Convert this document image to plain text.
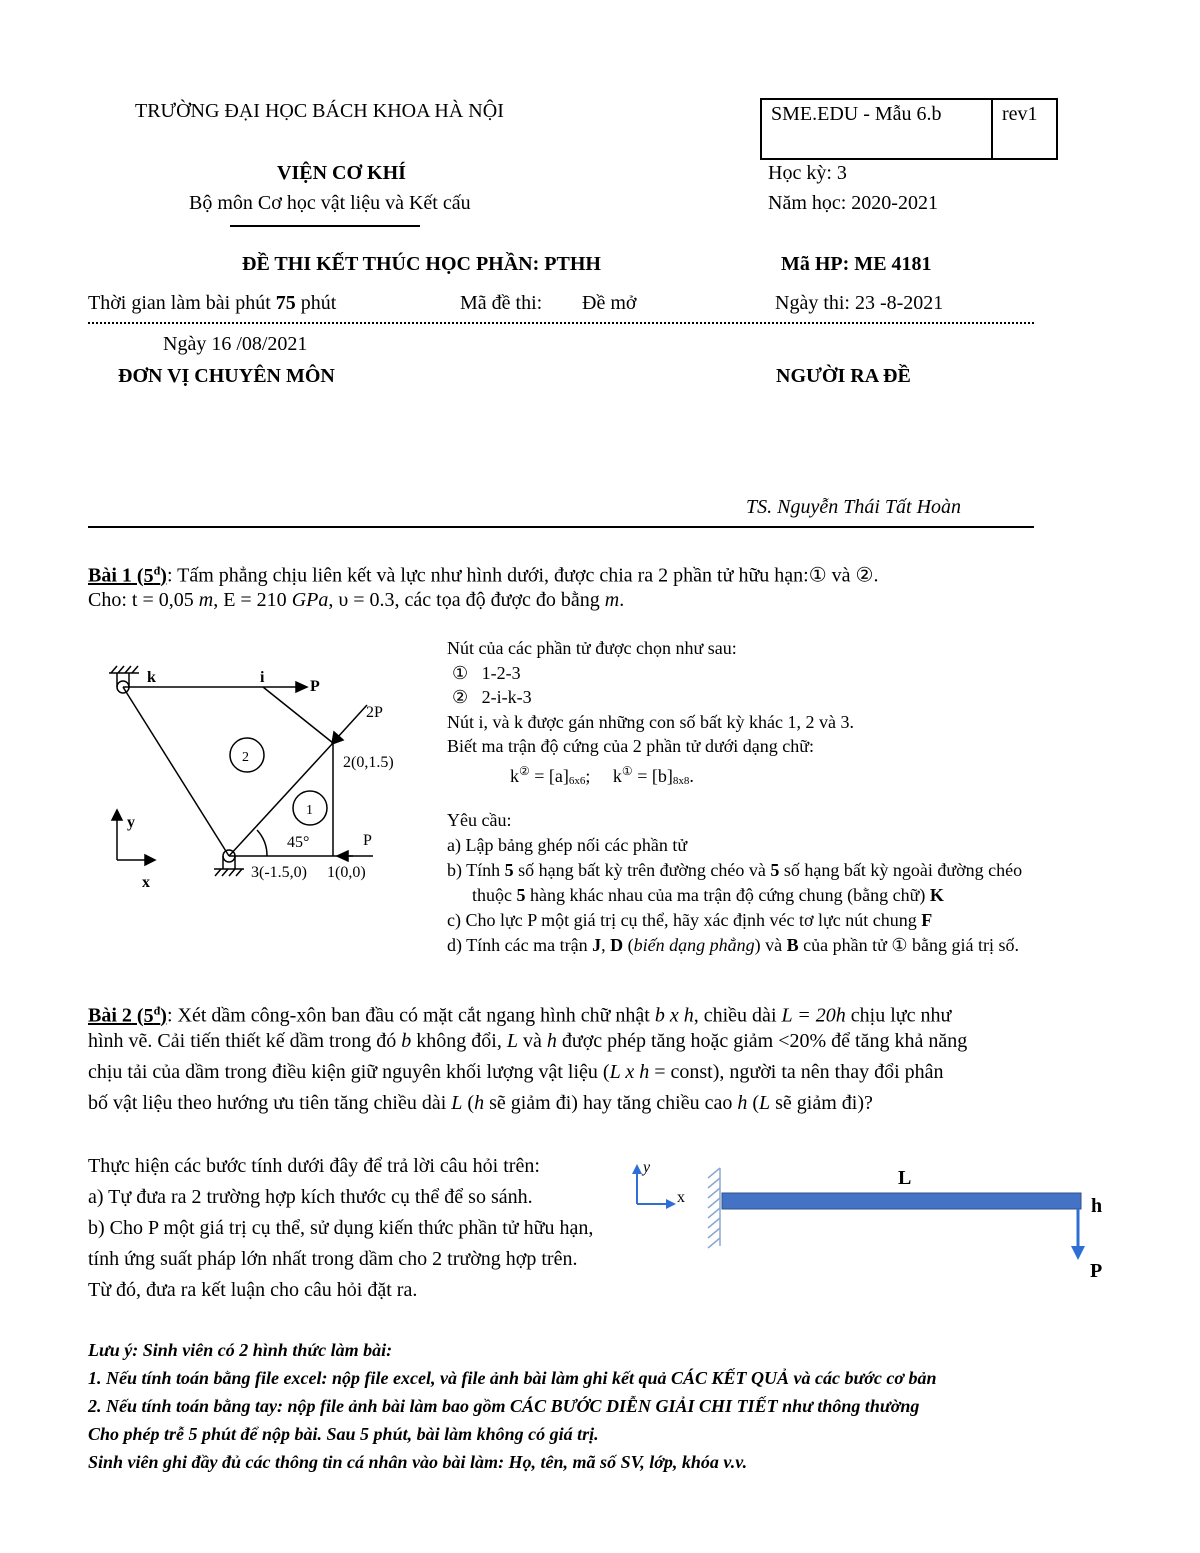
TRƯỜNG ĐẠI HỌC BÁCH KHOA HÀ NỘI	SME.EDU - Mẫu 6.b	rev1
VIỆN CƠ KHÍ
Bộ môn Cơ học vật liệu và Kết cấu
Học kỳ: 3
Năm học: 2020-2021
ĐỀ THI KẾT THÚC HỌC PHẦN: PTHH	Mã HP: ME 4181
Thời gian làm bài phút 75 phút	Mã đề thi: Đề mở	Ngày thi: 23 -8-2021
Ngày 16 /08/2021
ĐƠN VỊ CHUYÊN MÔN	NGƯỜI RA ĐỀ
TS. Nguyễn Thái Tất Hoàn
Bài 1 $(5^đ)$: Tấm phẳng chịu liên kết và lực như hình dưới, được chia ra 2 phần tử hữu hạn:① và ②.
Cho: t = 0,05 m, E = 210 GPa, υ = 0.3, các tọa độ được đo bằng m.
k	i
P
2P
2(0,1.5)
2
1
45°	P
3(-1.5,0) 1(0,0)
y
x
Nút của các phần tử được chọn như sau:
① 1-2-3
② 2-i-k-3
Nút i, và k được gán những con số bất kỳ khác 1, 2 và 3.
Biết ma trận độ cứng của 2 phần tử dưới dạng chữ:
k② = [a]6x6;     k① = [b]8x8.
Yêu cầu:
a) Lập bảng ghép nối các phần tử
b) Tính 5 số hạng bất kỳ trên đường chéo và 5 số hạng bất kỳ ngoài đường chéo
thuộc 5 hàng khác nhau của ma trận độ cứng chung (bằng chữ) K
c) Cho lực P một giá trị cụ thể, hãy xác định véc tơ lực nút chung F
d) Tính các ma trận J, D (biến dạng phẳng) và B của phần tử ① bằng giá trị số.
Bài 2 $(5^đ)$: Xét dầm công-xôn ban đầu có mặt cắt ngang hình chữ nhật b x h, chiều dài L = 20h chịu lực như
hình vẽ. Cải tiến thiết kế dầm trong đó b không đổi, L và h được phép tăng hoặc giảm <20% để tăng khả năng
chịu tải của dầm trong điều kiện giữ nguyên khối lượng vật liệu (L x h = const), người ta nên thay đổi phân
bố vật liệu theo hướng ưu tiên tăng chiều dài L (h sẽ giảm đi) hay tăng chiều cao h (L sẽ giảm đi)?
Thực hiện các bước tính dưới đây để trả lời câu hỏi trên:
a) Tự đưa ra 2 trường hợp kích thước cụ thể để so sánh.
b) Cho P một giá trị cụ thể, sử dụng kiến thức phần tử hữu hạn,
tính ứng suất pháp lớn nhất trong dầm cho 2 trường hợp trên.
Từ đó, đưa ra kết luận cho câu hỏi đặt ra.
y
x
L
h
P
Lưu ý: Sinh viên có 2 hình thức làm bài:
1. Nếu tính toán bằng file excel: nộp file excel, và file ảnh bài làm ghi kết quả CÁC KẾT QUẢ và các bước cơ bản
2. Nếu tính toán bằng tay: nộp file ảnh bài làm bao gồm CÁC BƯỚC DIỄN GIẢI CHI TIẾT như thông thường
Cho phép trễ 5 phút để nộp bài. Sau 5 phút, bài làm không có giá trị.
Sinh viên ghi đầy đủ các thông tin cá nhân vào bài làm: Họ, tên, mã số SV, lớp, khóa v.v.
